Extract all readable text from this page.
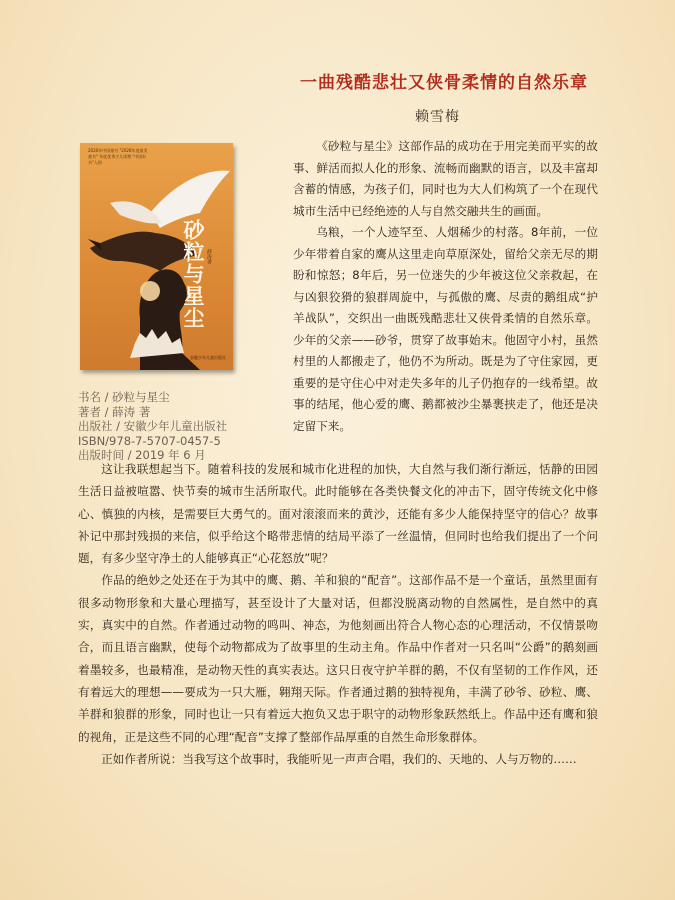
一曲残酷悲壮又侠骨柔情的自然乐章
赖雪梅
2020年中国童书 "2020年度最美童书" 年度优秀少儿读物 "中国好书"入围
砂粒与星尘 薛涛著
安徽少年儿童出版社
书名 / 砂粒与星尘
著者 / 薛涛 著
出版社 / 安徽少年儿童出版社
ISBN/978-7-5707-0457-5
出版时间 / 2019 年 6 月

《砂粒与星尘》这部作品的成功在于用完美而平实的故事、鲜活而拟人化的形象、流畅而幽默的语言，以及丰富却含蓄的情感，为孩子们，同时也为大人们构筑了一个在现代城市生活中已经绝迹的人与自然交融共生的画面。

乌粮，一个人迹罕至、人烟稀少的村落。8年前，一位少年带着自家的鹰从这里走向草原深处，留给父亲无尽的期盼和惊怒；8年后，另一位迷失的少年被这位父亲救起，在与凶狠狡猾的狼群周旋中，与孤傲的鹰、尽责的鹅组成“护羊战队”，交织出一曲既残酷悲壮又侠骨柔情的自然乐章。少年的父亲——砂爷，贯穿了故事始末。他固守小村，虽然村里的人都搬走了，他仍不为所动。既是为了守住家园，更重要的是守住心中对走失多年的儿子仍抱存的一线希望。故事的结尾，他心爱的鹰、鹅都被沙尘暴裹挟走了，他还是决定留下来。

这让我联想起当下。随着科技的发展和城市化进程的加快，大自然与我们渐行渐远，恬静的田园生活日益被喧嚣、快节奏的城市生活所取代。此时能够在各类快餐文化的冲击下，固守传统文化中修心、慎独的内核，是需要巨大勇气的。面对滚滚而来的黄沙，还能有多少人能保持坚守的信心？故事补记中那封残损的来信，似乎给这个略带悲情的结局平添了一丝温情，但同时也给我们提出了一个问题，有多少坚守净土的人能够真正“心花怒放”呢？

作品的绝妙之处还在于为其中的鹰、鹅、羊和狼的“配音”。这部作品不是一个童话，虽然里面有很多动物形象和大量心理描写，甚至设计了大量对话，但都没脱离动物的自然属性，是自然中的真实，真实中的自然。作者通过动物的鸣叫、神态，为他刻画出符合人物心态的心理活动，不仅情景吻合，而且语言幽默，使每个动物都成为了故事里的生动主角。作品中作者对一只名叫“公爵”的鹅刻画着墨较多，也最精准，是动物天性的真实表达。这只日夜守护羊群的鹅，不仅有坚韧的工作作风，还有着远大的理想——要成为一只大雁，翱翔天际。作者通过鹅的独特视角，丰满了砂爷、砂粒、鹰、羊群和狼群的形象，同时也让一只有着远大抱负又忠于职守的动物形象跃然纸上。作品中还有鹰和狼的视角，正是这些不同的心理“配音”支撑了整部作品厚重的自然生命形象群体。

正如作者所说：当我写这个故事时，我能听见一声声合唱，我们的、天地的、人与万物的……
